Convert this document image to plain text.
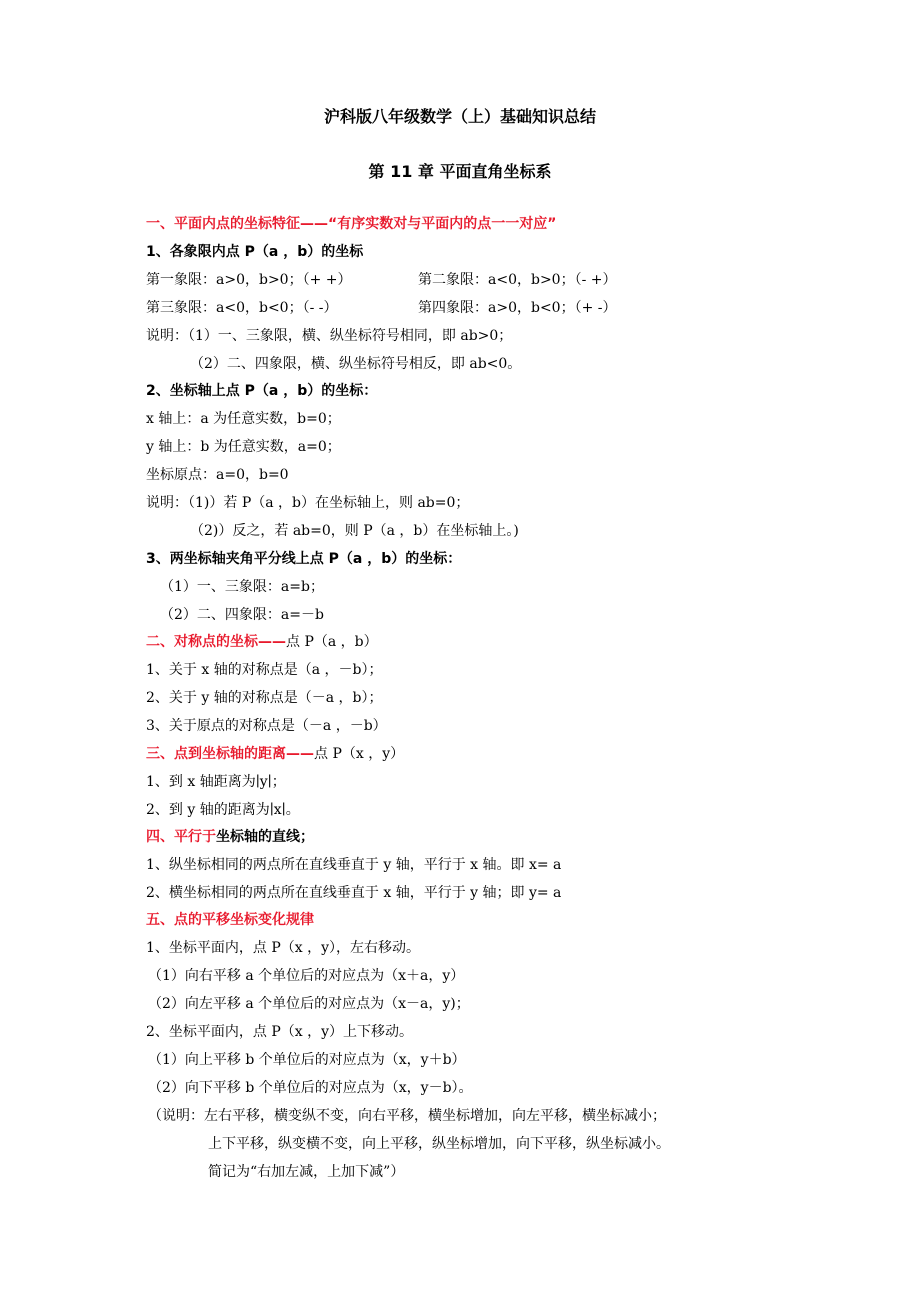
沪科版八年级数学（上）基础知识总结
第 11 章 平面直角坐标系
一、平面内点的坐标特征——“有序实数对与平面内的点一一对应”
1、各象限内点 P（a ，b）的坐标
第一象限：a>0，b>0；（+ +）	第二象限：a<0，b>0；（- +）
第三象限：a<0，b<0；（- -）	第四象限：a>0，b<0；（+ -）
说明：（1）一、三象限，横、纵坐标符号相同，即 ab>0；
（2）二、四象限，横、纵坐标符号相反，即 ab<0。
2、坐标轴上点 P（a ，b）的坐标：
x 轴上：a 为任意实数，b=0；
y 轴上：b 为任意实数，a=0；
坐标原点：a=0，b=0
说明：（1)）若 P（a ，b）在坐标轴上，则 ab=0；
（2)）反之，若 ab=0，则 P（a ，b）在坐标轴上。)
3、两坐标轴夹角平分线上点 P（a ，b）的坐标：
（1）一、三象限：a=b；
（2）二、四象限：a=－b
二、对称点的坐标——点 P（a ，b）
1、关于 x 轴的对称点是（a ，－b）；
2、关于 y 轴的对称点是（－a ，b）；
3、关于原点的对称点是（－a ，－b）
三、点到坐标轴的距离——点 P（x ，y）
1、到 x 轴距离为∣y∣；
2、到 y 轴的距离为∣x∣。
四、平行于坐标轴的直线；
1、纵坐标相同的两点所在直线垂直于 y 轴，平行于 x 轴。即 x= a
2、横坐标相同的两点所在直线垂直于 x 轴，平行于 y 轴；即 y= a
五、点的平移坐标变化规律
1、坐标平面内，点 P（x ，y），左右移动。
（1）向右平移 a 个单位后的对应点为（x＋a，y）
（2）向左平移 a 个单位后的对应点为（x－a，y)；
2、坐标平面内，点 P（x ，y）上下移动。
（1）向上平移 b 个单位后的对应点为（x，y＋b）
（2）向下平移 b 个单位后的对应点为（x，y－b）。
（说明：左右平移，横变纵不变，向右平移，横坐标增加，向左平移，横坐标减小；
上下平移，纵变横不变，向上平移，纵坐标增加，向下平移，纵坐标减小。
简记为“右加左减，上加下减”）
